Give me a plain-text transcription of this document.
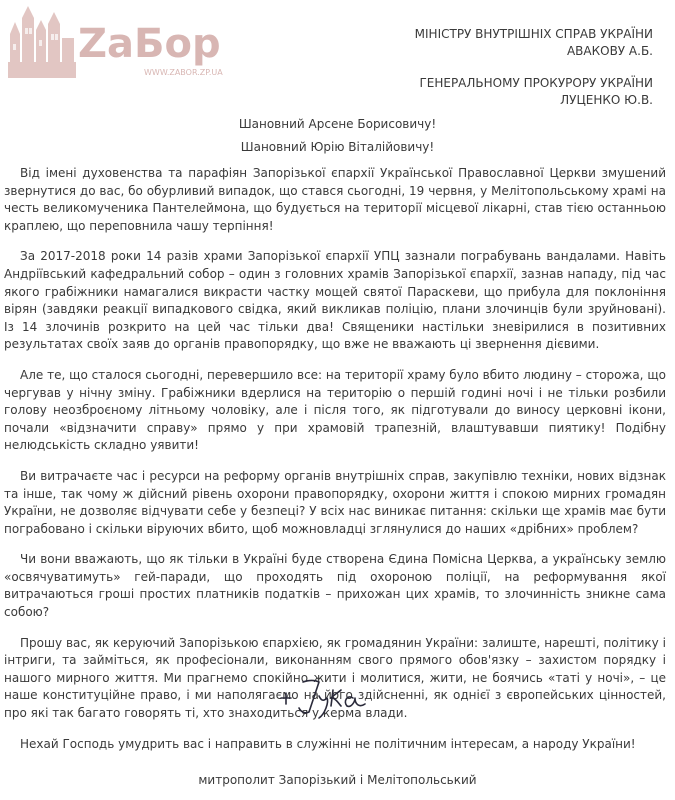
ZaБор
WWW.ZABOR.ZP.UA
МІНІСТРУ ВНУТРІШНІХ СПРАВ УКРАЇНИ
АВАКОВУ А.Б.
ГЕНЕРАЛЬНОМУ ПРОКУРОРУ УКРАЇНИ
ЛУЦЕНКО Ю.В.
Шановний Арсене Борисовичу!
Шановний Юрію Віталійовичу!

Від імені духовенства та парафіян Запорізької єпархії Української Православної Церкви змушений звернутися до вас, бо обурливий випадок, що стався сьогодні, 19 червня, у Мелітопольському храмі на честь великомученика Пантелеймона, що будується на території місцевої лікарні, став тією останньою краплею, що переповнила чашу терпіння!

За 2017-2018 роки 14 разів храми Запорізької єпархії УПЦ зазнали пограбувань вандалами. Навіть Андріївський кафедральний собор – один з головних храмів Запорізької єпархії, зазнав нападу, під час якого грабіжники намагалися викрасти частку мощей святої Параскеви, що прибула для поклоніння вірян (завдяки реакції випадкового свідка, який викликав поліцію, плани злочинців були зруйновані). Із 14 злочинів розкрито на цей час тільки два! Священики настільки зневірилися в позитивних результатах своїх заяв до органів правопорядку, що вже не вважають ці звернення дієвими.

Але те, що сталося сьогодні, перевершило все: на території храму було вбито людину – сторожа, що чергував у нічну зміну. Грабіжники вдерлися на територію о першій годині ночі і не тільки розбили голову неозброєному літньому чоловіку, але і після того, як підготували до виносу церковні ікони, почали «відзначити справу» прямо у при храмовій трапезній, влаштувавши пиятику! Подібну нелюдськість складно уявити!

Ви витрачаєте час і ресурси на реформу органів внутрішніх справ, закупівлю техніки, нових відзнак та інше, так чому ж дійсний рівень охорони правопорядку, охорони життя і спокою мирних громадян України, не дозволяє відчувати себе у безпеці? У всіх нас виникає питання: скільки ще храмів має бути пограбовано і скільки віруючих вбито, щоб можновладці зглянулися до наших «дрібних» проблем?

Чи вони вважають, що як тільки в Україні буде створена Єдина Помісна Церква, а українську землю «освячуватимуть» гей-паради, що проходять під охороною поліції, на реформування якої витрачаються гроші простих платників податків – прихожан цих храмів, то злочинність зникне сама собою?

Прошу вас, як керуючий Запорізькою єпархією, як громадянин України: залиште, нарешті, політику і інтриги, та займіться, як професіонали, виконанням свого прямого обов'язку – захистом порядку і нашого мирного життя. Ми прагнемо спокійно жити і молитися, жити, не боячись «таті у ночі», – це наше конституційне право, і ми наполягаємо на його здійсненні, як однієї з європейських цінностей, про які так багато говорять ті, хто знаходиться у керма влади.

Нехай Господь умудрить вас і направить в служінні не політичним інтересам, а народу України!

митрополит Запорізький і Мелітопольський
